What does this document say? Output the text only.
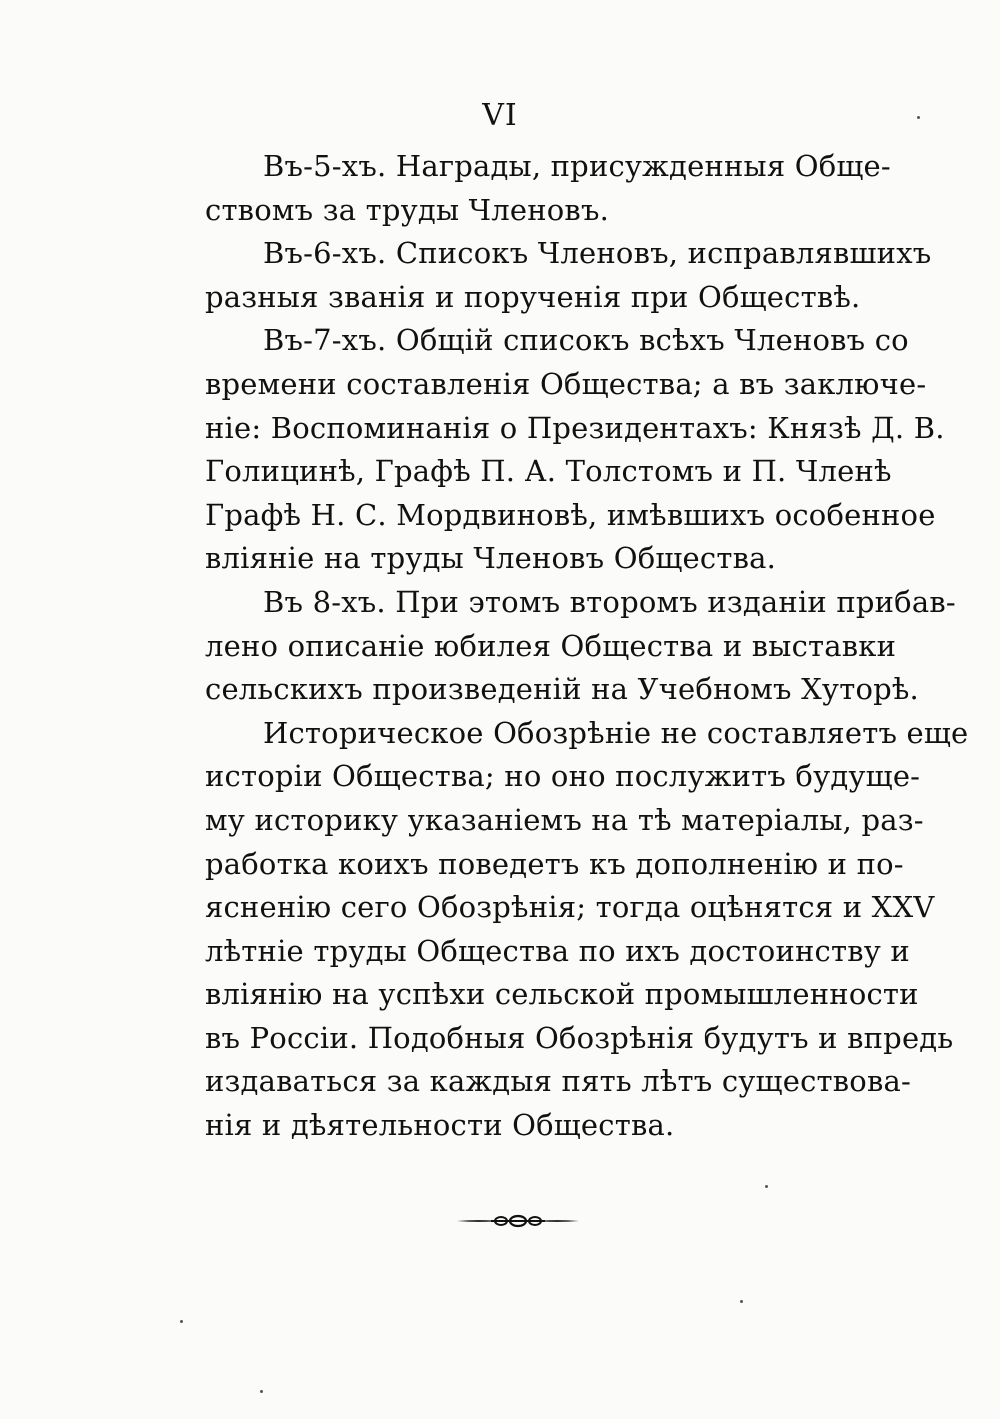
VI
Въ-5-хъ. Награды, присужденныя Обще-
ствомъ за труды Членовъ.
Въ-6-хъ. Списокъ Членовъ, исправлявшихъ
разныя званія и порученія при Обществѣ.
Въ-7-хъ. Общій списокъ всѣхъ Членовъ со
времени составленія Общества; а въ заключе-
ніе: Воспоминанія о Президентахъ: Князѣ Д. В.
Голицинѣ, Графѣ П. А. Толстомъ и П. Членѣ
Графѣ Н. С. Мордвиновѣ, имѣвшихъ особенное
вліяніе на труды Членовъ Общества.
Въ 8-хъ. При этомъ второмъ изданіи прибав-
лено описаніе юбилея Общества и выставки
сельскихъ произведеній на Учебномъ Хуторѣ.
Историческое Обозрѣніе не составляетъ еще
исторіи Общества; но оно послужитъ будуще-
му историку указаніемъ на тѣ матеріалы, раз-
работка коихъ поведетъ къ дополненію и по-
ясненію сего Обозрѣнія; тогда оцѣнятся и XXV
лѣтніе труды Общества по ихъ достоинству и
вліянію на успѣхи сельской промышленности
въ Россіи. Подобныя Обозрѣнія будутъ и впредь
издаваться за каждыя пять лѣтъ существова-
нія и дѣятельности Общества.
